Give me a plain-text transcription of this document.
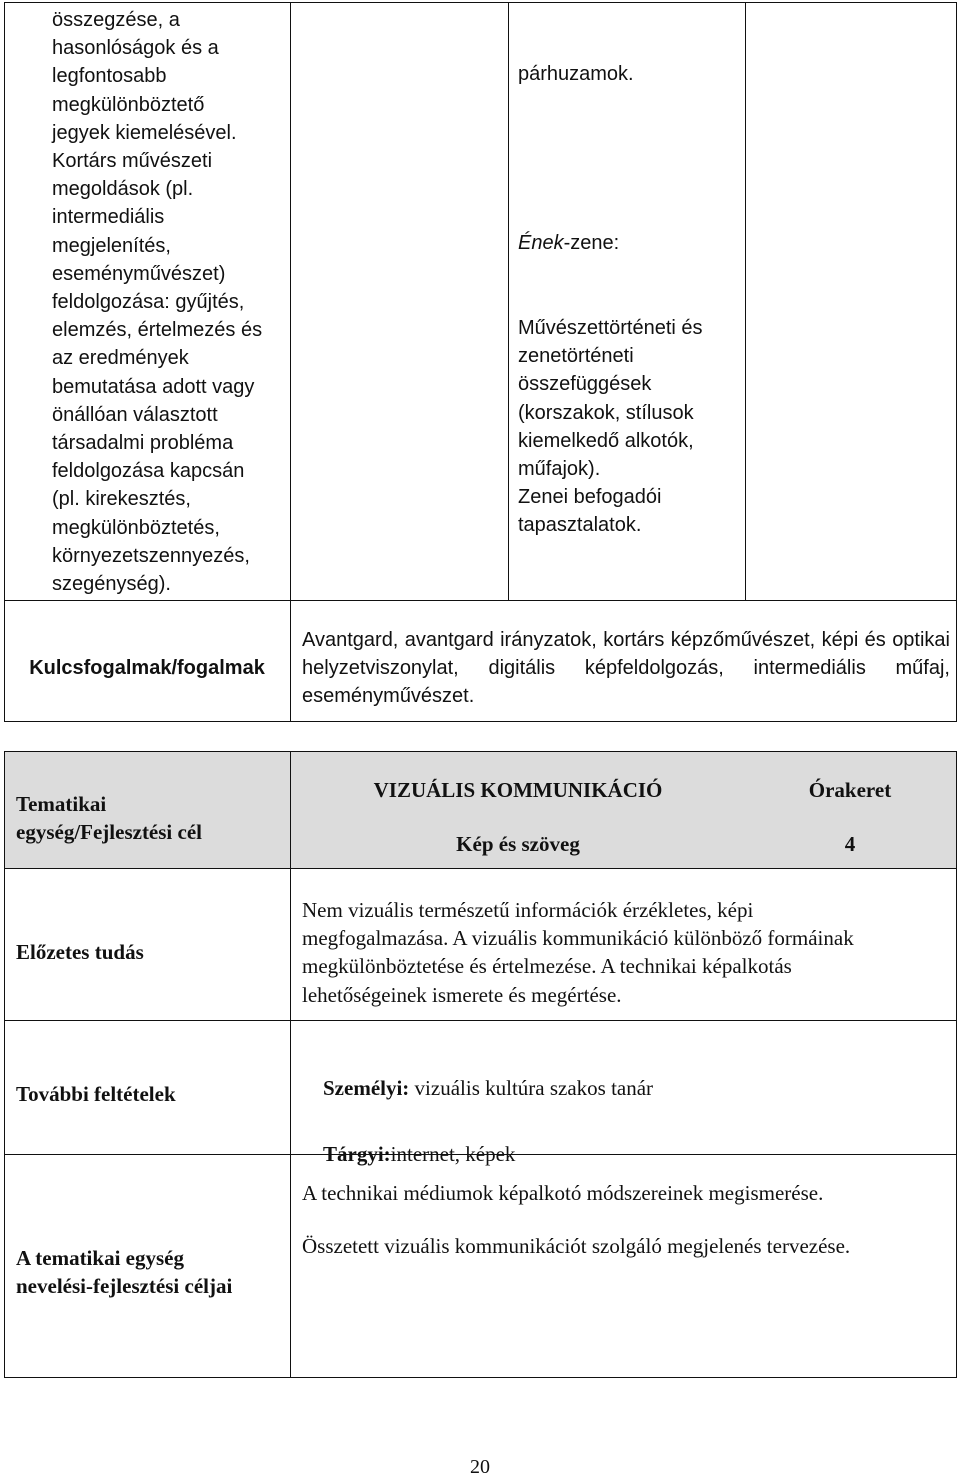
összegzése, a
hasonlóságok és a
legfontosabb
megkülönböztető
jegyek kiemelésével.
Kortárs művészeti
megoldások (pl.
intermediális
megjelenítés,
eseményművészet)
feldolgozása: gyűjtés,
elemzés, értelmezés és
az eredmények
bemutatása adott vagy
önállóan választott
társadalmi probléma
feldolgozása kapcsán
(pl. kirekesztés,
megkülönböztetés,
környezetszennyezés,
szegénység).

párhuzamok.

Ének-zene:

Művészettörténeti és
zenetörténeti
összefüggések
(korszakok, stílusok
kiemelkedő alkotók,
műfajok).
Zenei befogadói
tapasztalatok.

Kulcsfogalmak/fogalmak
Avantgard, avantgard irányzatok, kortárs képzőművészet, képi és optikai helyzetviszonylat, digitális képfeldolgozás, intermediális műfaj, eseményművészet.
Tematikai
egység/Fejlesztési cél
VIZUÁLIS KOMMUNIKÁCIÓ
Kép és szöveg
Órakeret
4
Előzetes tudás
Nem vizuális természetű információk érzékletes, képi megfogalmazása. A vizuális kommunikáció különböző formáinak megkülönböztetése és értelmezése. A technikai képalkotás lehetőségeinek ismerete és megértése.
További feltételek	Személyi: vizuális kultúra szakos tanár

Tárgyi:internet, képek

A tematikai egység
nevelési-fejlesztési céljai
A technikai médiumok képalkotó módszereinek megismerése.
Összetett vizuális kommunikációt szolgáló megjelenés tervezése.
20
